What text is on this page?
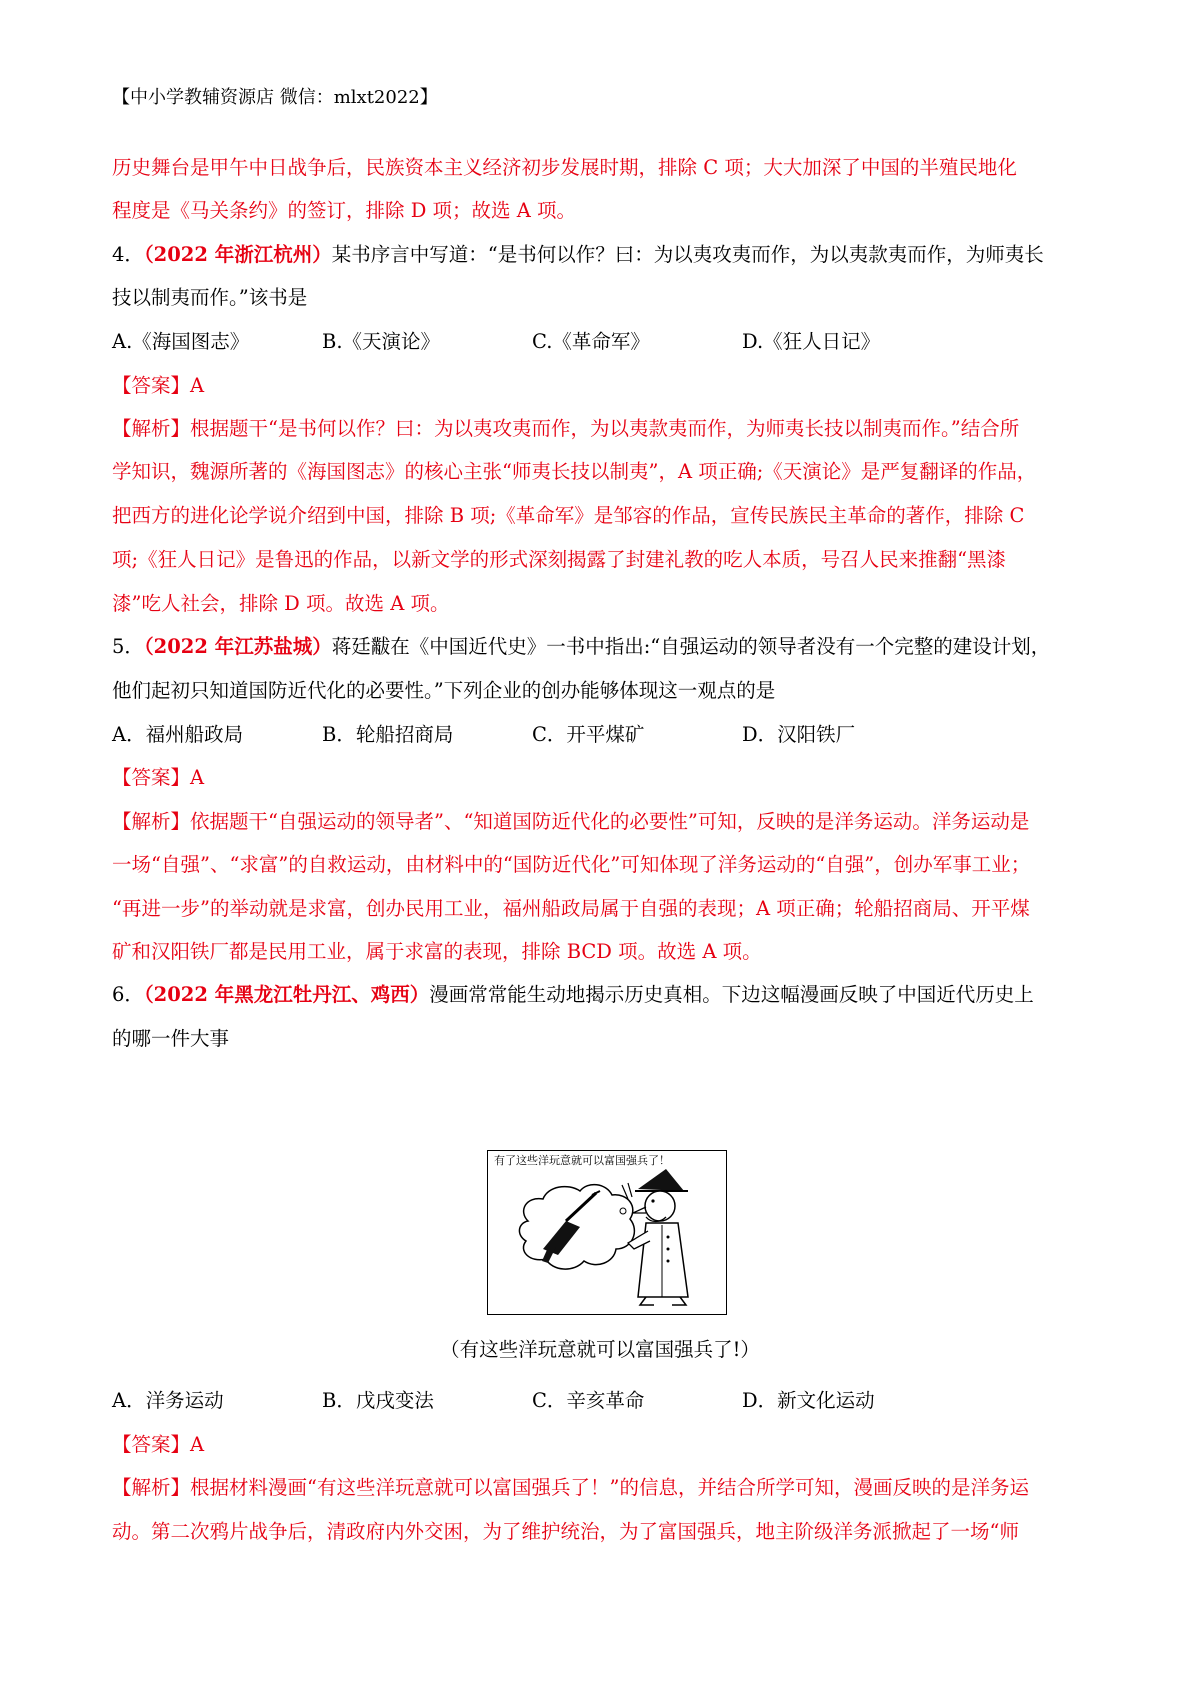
【中小学教辅资源店 微信：mlxt2022】
历史舞台是甲午中日战争后，民族资本主义经济初步发展时期，排除 C 项；大大加深了中国的半殖民地化
程度是《马关条约》的签订，排除 D 项；故选 A 项。
4．（2022 年浙江杭州）某书序言中写道：“是书何以作？曰：为以夷攻夷而作，为以夷款夷而作，为师夷长
技以制夷而作。”该书是
A.《海国图志》	B.《天演论》	C.《革命军》	D.《狂人日记》
【答案】A
【解析】根据题干“是书何以作？曰：为以夷攻夷而作，为以夷款夷而作，为师夷长技以制夷而作。”结合所
学知识，魏源所著的《海国图志》的核心主张“师夷长技以制夷”，A 项正确;《天演论》是严复翻译的作品，
把西方的进化论学说介绍到中国，排除 B 项;《革命军》是邹容的作品，宣传民族民主革命的著作，排除 C
项;《狂人日记》是鲁迅的作品，以新文学的形式深刻揭露了封建礼教的吃人本质，号召人民来推翻“黑漆
漆”吃人社会，排除 D 项。故选 A 项。
5．（2022 年江苏盐城）蒋廷黻在《中国近代史》一书中指出:“自强运动的领导者没有一个完整的建设计划，
他们起初只知道国防近代化的必要性。”下列企业的创办能够体现这一观点的是
A．福州船政局	B．轮船招商局	C．开平煤矿	D．汉阳铁厂
【答案】A
【解析】依据题干“自强运动的领导者”、“知道国防近代化的必要性”可知，反映的是洋务运动。洋务运动是
一场“自强”、“求富”的自救运动，由材料中的“国防近代化”可知体现了洋务运动的“自强”，创办军事工业；
“再进一步”的举动就是求富，创办民用工业，福州船政局属于自强的表现；A 项正确；轮船招商局、开平煤
矿和汉阳铁厂都是民用工业，属于求富的表现，排除 BCD 项。故选 A 项。
6．（2022 年黑龙江牡丹江、鸡西）漫画常常能生动地揭示历史真相。下边这幅漫画反映了中国近代历史上
的哪一件大事
有了这些洋玩意就可以富国强兵了！
（有这些洋玩意就可以富国强兵了!）
A．洋务运动	B．戊戌变法	C．辛亥革命	D．新文化运动
【答案】A
【解析】根据材料漫画“有这些洋玩意就可以富国强兵了！”的信息，并结合所学可知，漫画反映的是洋务运
动。第二次鸦片战争后，清政府内外交困，为了维护统治，为了富国强兵，地主阶级洋务派掀起了一场“师
